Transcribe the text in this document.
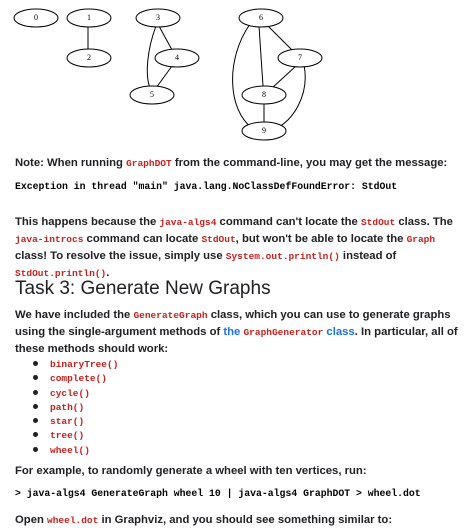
0	1
2
3
4
5
6
7
8
9
Note: When running GraphDOT from the command-line, you may get the message:
Exception in thread "main" java.lang.NoClassDefFoundError: StdOut
This happens because the java-algs4 command can't locate the StdOut class. The java-introcs command can locate StdOut, but won't be able to locate the Graph class! To resolve the issue, simply use System.out.println() instead of StdOut.println().
Task 3: Generate New Graphs
We have included the GenerateGraph class, which you can use to generate graphs using the single-argument methods of the GraphGenerator class. In particular, all of these methods should work:
binaryTree()
complete()
cycle()
path()
star()
tree()
wheel()
For example, to randomly generate a wheel with ten vertices, run:
> java-algs4 GenerateGraph wheel 10 | java-algs4 GraphDOT > wheel.dot
Open wheel.dot in Graphviz, and you should see something similar to:
